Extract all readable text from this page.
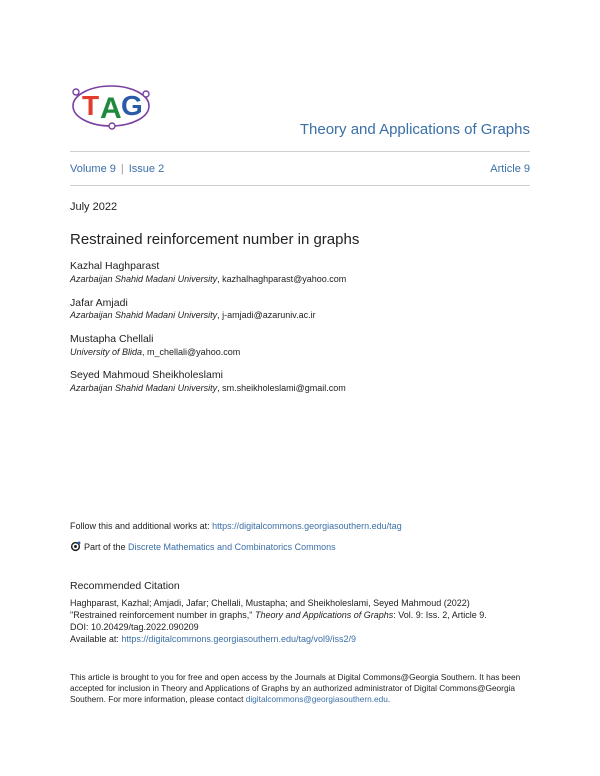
T A G
Theory and Applications of Graphs
Volume 9 | Issue 2	Article 9
July 2022
Restrained reinforcement number in graphs
Kazhal Haghparast
Azarbaijan Shahid Madani University, kazhalhaghparast@yahoo.com
Jafar Amjadi
Azarbaijan Shahid Madani University, j-amjadi@azaruniv.ac.ir
Mustapha Chellali
University of Blida, m_chellali@yahoo.com
Seyed Mahmoud Sheikholeslami
Azarbaijan Shahid Madani University, sm.sheikholeslami@gmail.com
Follow this and additional works at: https://digitalcommons.georgiasouthern.edu/tag
Part of the Discrete Mathematics and Combinatorics Commons
Recommended Citation
Haghparast, Kazhal; Amjadi, Jafar; Chellali, Mustapha; and Sheikholeslami, Seyed Mahmoud (2022)
"Restrained reinforcement number in graphs," Theory and Applications of Graphs: Vol. 9: Iss. 2, Article 9.
DOI: 10.20429/tag.2022.090209
Available at: https://digitalcommons.georgiasouthern.edu/tag/vol9/iss2/9
This article is brought to you for free and open access by the Journals at Digital Commons@Georgia Southern. It has been accepted for inclusion in Theory and Applications of Graphs by an authorized administrator of Digital Commons@Georgia Southern. For more information, please contact digitalcommons@georgiasouthern.edu.
